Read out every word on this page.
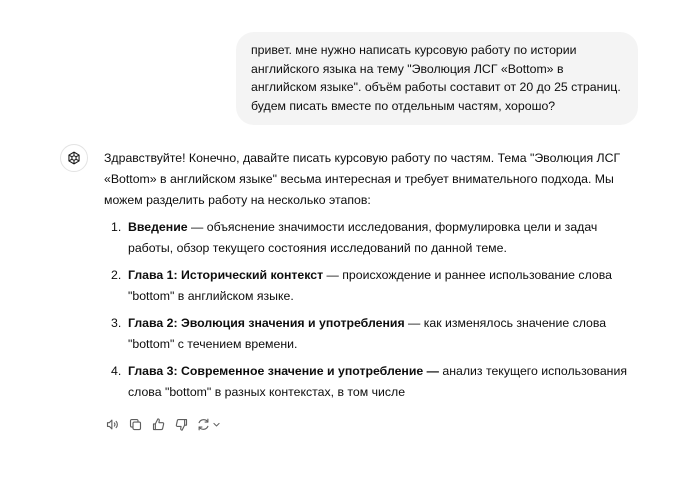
привет. мне нужно написать курсовую работу по истории английского языка на тему "Эволюция ЛСГ «Bottom» в английском языке". объём работы составит от 20 до 25 страниц. будем писать вместе по отдельным частям, хорошо?

Здравствуйте! Конечно, давайте писать курсовую работу по частям. Тема "Эволюция ЛСГ «Bottom» в английском языке" весьма интересная и требует внимательного подхода. Мы можем разделить работу на несколько этапов:

1. Введение — объяснение значимости исследования, формулировка цели и задач работы, обзор текущего состояния исследований по данной теме.
2. Глава 1: Исторический контекст — происхождение и раннее использование слова "bottom" в английском языке.
3. Глава 2: Эволюция значения и употребления — как изменялось значение слова "bottom" с течением времени.
4. Глава 3: Современное значение и употребление — анализ текущего использования слова "bottom" в разных контекстах, в том числе
